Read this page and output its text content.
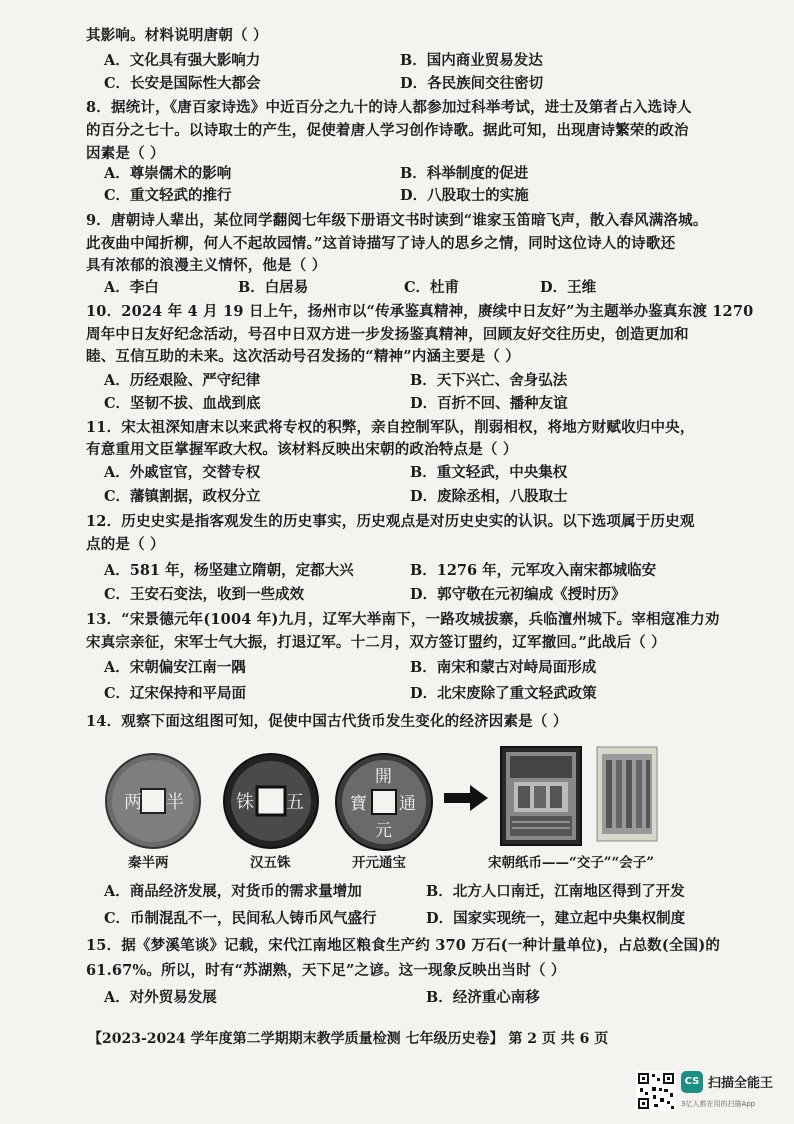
其影响。材料说明唐朝（ ）
A．文化具有强大影响力	B．国内商业贸易发达
C．长安是国际性大都会	D．各民族间交往密切
8．据统计，《唐百家诗选》中近百分之九十的诗人都参加过科举考试，进士及第者占入选诗人
的百分之七十。以诗取士的产生，促使着唐人学习创作诗歌。据此可知，出现唐诗繁荣的政治
因素是（ ）
A．尊崇儒术的影响	B．科举制度的促进
C．重文轻武的推行	D．八股取士的实施
9．唐朝诗人辈出，某位同学翻阅七年级下册语文书时读到“谁家玉笛暗飞声，散入春风满洛城。
此夜曲中闻折柳，何人不起故园情。”这首诗描写了诗人的思乡之情，同时这位诗人的诗歌还
具有浓郁的浪漫主义情怀，他是（ ）
A．李白	B．白居易	C．杜甫	D．王维
10．2024 年 4 月 19 日上午，扬州市以“传承鉴真精神，赓续中日友好”为主题举办鉴真东渡 1270
周年中日友好纪念活动，号召中日双方进一步发扬鉴真精神，回顾友好交往历史，创造更加和
睦、互信互助的未来。这次活动号召发扬的“精神”内涵主要是（ ）
A．历经艰险、严守纪律	B．天下兴亡、舍身弘法
C．坚韧不拔、血战到底	D．百折不回、播种友谊
11．宋太祖深知唐末以来武将专权的积弊，亲自控制军队，削弱相权，将地方财赋收归中央，
有意重用文臣掌握军政大权。该材料反映出宋朝的政治特点是（ ）
A．外戚宦官，交替专权	B．重文轻武，中央集权
C．藩镇割据，政权分立	D．废除丞相，八股取士
12．历史史实是指客观发生的历史事实，历史观点是对历史史实的认识。以下选项属于历史观
点的是（ ）
A．581 年，杨坚建立隋朝，定都大兴	B．1276 年，元军攻入南宋都城临安
C．王安石变法，收到一些成效	D．郭守敬在元初编成《授时历》
13．“宋景德元年(1004 年)九月，辽军大举南下，一路攻城拔寨，兵临澶州城下。宰相寇准力劝
宋真宗亲征，宋军士气大振，打退辽军。十二月，双方签订盟约，辽军撤回。”此战后（ ）
A．宋朝偏安江南一隅	B．南宋和蒙古对峙局面形成
C．辽宋保持和平局面	D．北宋废除了重文轻武政策
14．观察下面这组图可知，促使中国古代货币发生变化的经济因素是（ ）
两 半	铢 五
開
通
元
寶
秦半两	汉五铢	开元通宝	宋朝纸币——“交子”“会子”
A．商品经济发展，对货币的需求量增加	B．北方人口南迁，江南地区得到了开发
C．币制混乱不一，民间私人铸币风气盛行	D．国家实现统一，建立起中央集权制度
15．据《梦溪笔谈》记载，宋代江南地区粮食生产约 370 万石(一种计量单位)，占总数(全国)的
61.67%。所以，时有“苏湖熟，天下足”之谚。这一现象反映出当时（ ）
A．对外贸易发展	B．经济重心南移
【2023-2024 学年度第二学期期末教学质量检测 七年级历史卷】 第 2 页 共 6 页
CS 扫描全能王
3亿人都在用的扫描App
